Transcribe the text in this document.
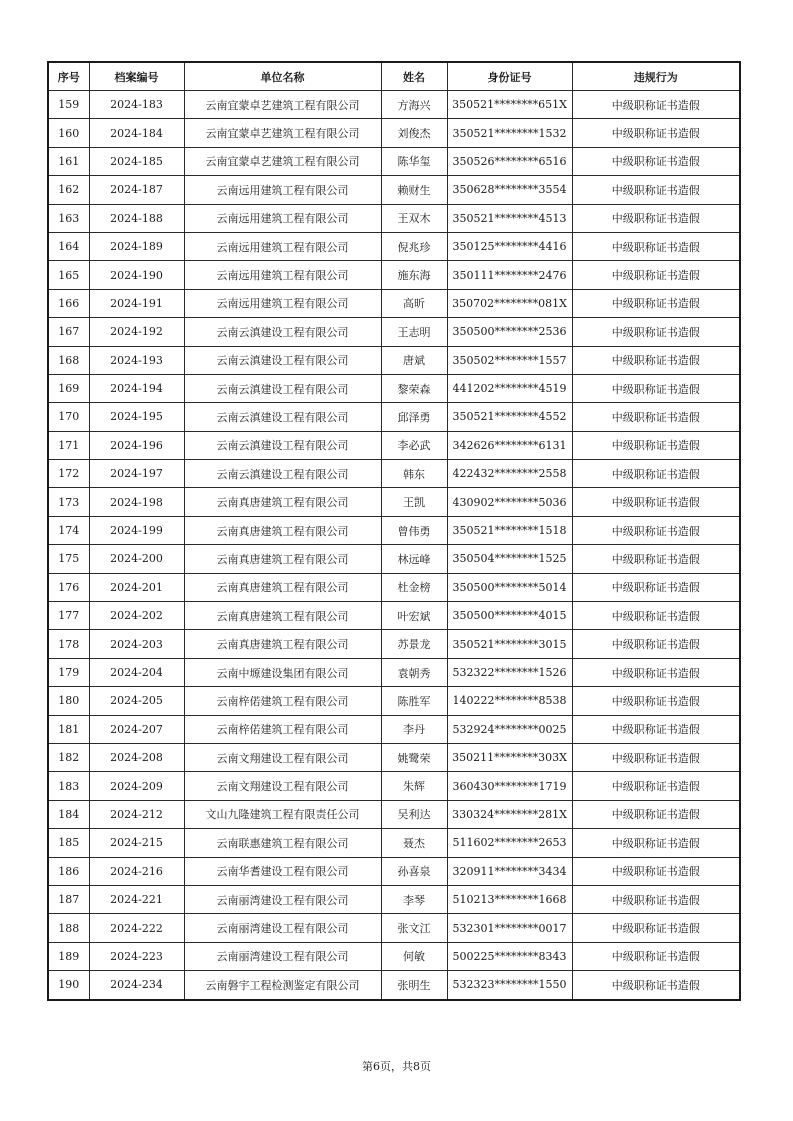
序号	档案编号	单位名称	姓名	身份证号	违规行为
159	2024-183	云南宜蒙卓艺建筑工程有限公司	方海兴	350521********651X	中级职称证书造假
160	2024-184	云南宜蒙卓艺建筑工程有限公司	刘俊杰	350521********1532	中级职称证书造假
161	2024-185	云南宜蒙卓艺建筑工程有限公司	陈华玺	350526********6516	中级职称证书造假
162	2024-187	云南远用建筑工程有限公司	赖财生	350628********3554	中级职称证书造假
163	2024-188	云南远用建筑工程有限公司	王双木	350521********4513	中级职称证书造假
164	2024-189	云南远用建筑工程有限公司	倪兆珍	350125********4416	中级职称证书造假
165	2024-190	云南远用建筑工程有限公司	施东海	350111********2476	中级职称证书造假
166	2024-191	云南远用建筑工程有限公司	高昕	350702********081X	中级职称证书造假
167	2024-192	云南云滇建设工程有限公司	王志明	350500********2536	中级职称证书造假
168	2024-193	云南云滇建设工程有限公司	唐斌	350502********1557	中级职称证书造假
169	2024-194	云南云滇建设工程有限公司	黎荣森	441202********4519	中级职称证书造假
170	2024-195	云南云滇建设工程有限公司	邱泽勇	350521********4552	中级职称证书造假
171	2024-196	云南云滇建设工程有限公司	李必武	342626********6131	中级职称证书造假
172	2024-197	云南云滇建设工程有限公司	韩东	422432********2558	中级职称证书造假
173	2024-198	云南真唐建筑工程有限公司	王凯	430902********5036	中级职称证书造假
174	2024-199	云南真唐建筑工程有限公司	曾伟勇	350521********1518	中级职称证书造假
175	2024-200	云南真唐建筑工程有限公司	林远峰	350504********1525	中级职称证书造假
176	2024-201	云南真唐建筑工程有限公司	杜金榜	350500********5014	中级职称证书造假
177	2024-202	云南真唐建筑工程有限公司	叶宏斌	350500********4015	中级职称证书造假
178	2024-203	云南真唐建筑工程有限公司	苏景龙	350521********3015	中级职称证书造假
179	2024-204	云南中塬建设集团有限公司	袁朝秀	532322********1526	中级职称证书造假
180	2024-205	云南梓偌建筑工程有限公司	陈胜军	140222********8538	中级职称证书造假
181	2024-207	云南梓偌建筑工程有限公司	李丹	532924********0025	中级职称证书造假
182	2024-208	云南文翔建设工程有限公司	姚鹭荣	350211********303X	中级职称证书造假
183	2024-209	云南文翔建设工程有限公司	朱辉	360430********1719	中级职称证书造假
184	2024-212	文山九隆建筑工程有限责任公司	吴利达	330324********281X	中级职称证书造假
185	2024-215	云南联惠建筑工程有限公司	聂杰	511602********2653	中级职称证书造假
186	2024-216	云南华耆建设工程有限公司	孙喜泉	320911********3434	中级职称证书造假
187	2024-221	云南丽湾建设工程有限公司	李琴	510213********1668	中级职称证书造假
188	2024-222	云南丽湾建设工程有限公司	张文江	532301********0017	中级职称证书造假
189	2024-223	云南丽湾建设工程有限公司	何敏	500225********8343	中级职称证书造假
190	2024-234	云南磐宇工程检测鉴定有限公司	张明生	532323********1550	中级职称证书造假
第6页，共8页
